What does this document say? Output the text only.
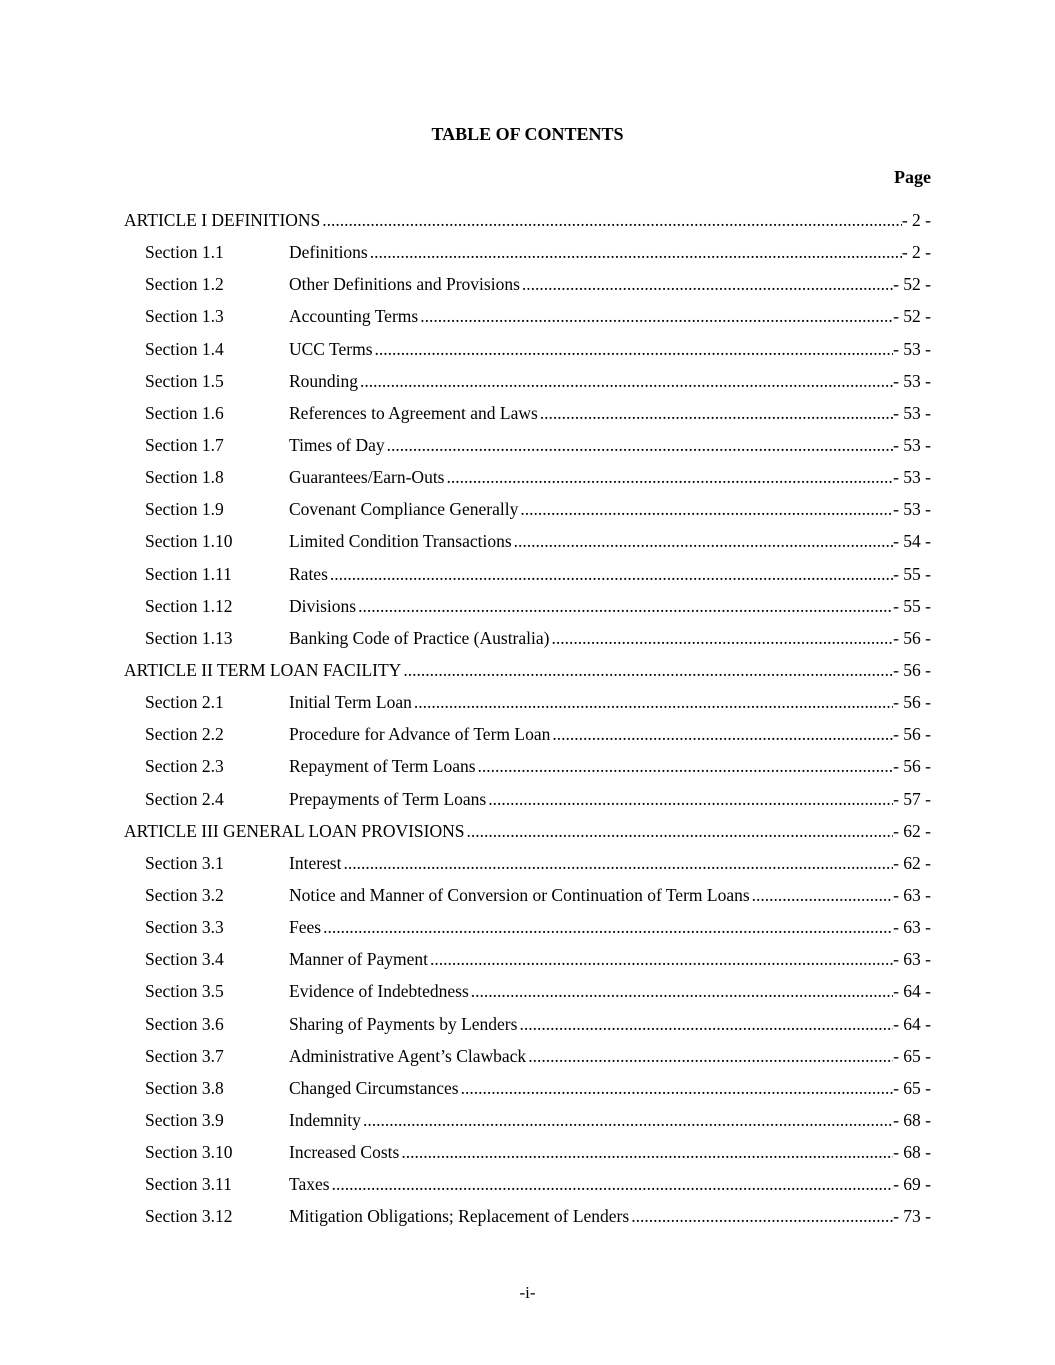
TABLE OF CONTENTS
Page
ARTICLE I DEFINITIONS .....	- 2 -
Section 1.1	Definitions .....	- 2 -
Section 1.2	Other Definitions and Provisions .....	- 52 -
Section 1.3	Accounting Terms .....	- 52 -
Section 1.4	UCC Terms .....	- 53 -
Section 1.5	Rounding .....	- 53 -
Section 1.6	References to Agreement and Laws .....	- 53 -
Section 1.7	Times of Day .....	- 53 -
Section 1.8	Guarantees/Earn-Outs .....	- 53 -
Section 1.9	Covenant Compliance Generally .....	- 53 -
Section 1.10	Limited Condition Transactions .....	- 54 -
Section 1.11	Rates .....	- 55 -
Section 1.12	Divisions .....	- 55 -
Section 1.13	Banking Code of Practice (Australia) .....	- 56 -
ARTICLE II TERM LOAN FACILITY .....	- 56 -
Section 2.1	Initial Term Loan .....	- 56 -
Section 2.2	Procedure for Advance of Term Loan .....	- 56 -
Section 2.3	Repayment of Term Loans .....	- 56 -
Section 2.4	Prepayments of Term Loans .....	- 57 -
ARTICLE III GENERAL LOAN PROVISIONS .....	- 62 -
Section 3.1	Interest .....	- 62 -
Section 3.2	Notice and Manner of Conversion or Continuation of Term Loans .....	- 63 -
Section 3.3	Fees .....	- 63 -
Section 3.4	Manner of Payment .....	- 63 -
Section 3.5	Evidence of Indebtedness .....	- 64 -
Section 3.6	Sharing of Payments by Lenders .....	- 64 -
Section 3.7	Administrative Agent’s Clawback .....	- 65 -
Section 3.8	Changed Circumstances .....	- 65 -
Section 3.9	Indemnity .....	- 68 -
Section 3.10	Increased Costs .....	- 68 -
Section 3.11	Taxes .....	- 69 -
Section 3.12	Mitigation Obligations; Replacement of Lenders .....	- 73 -
-i-
